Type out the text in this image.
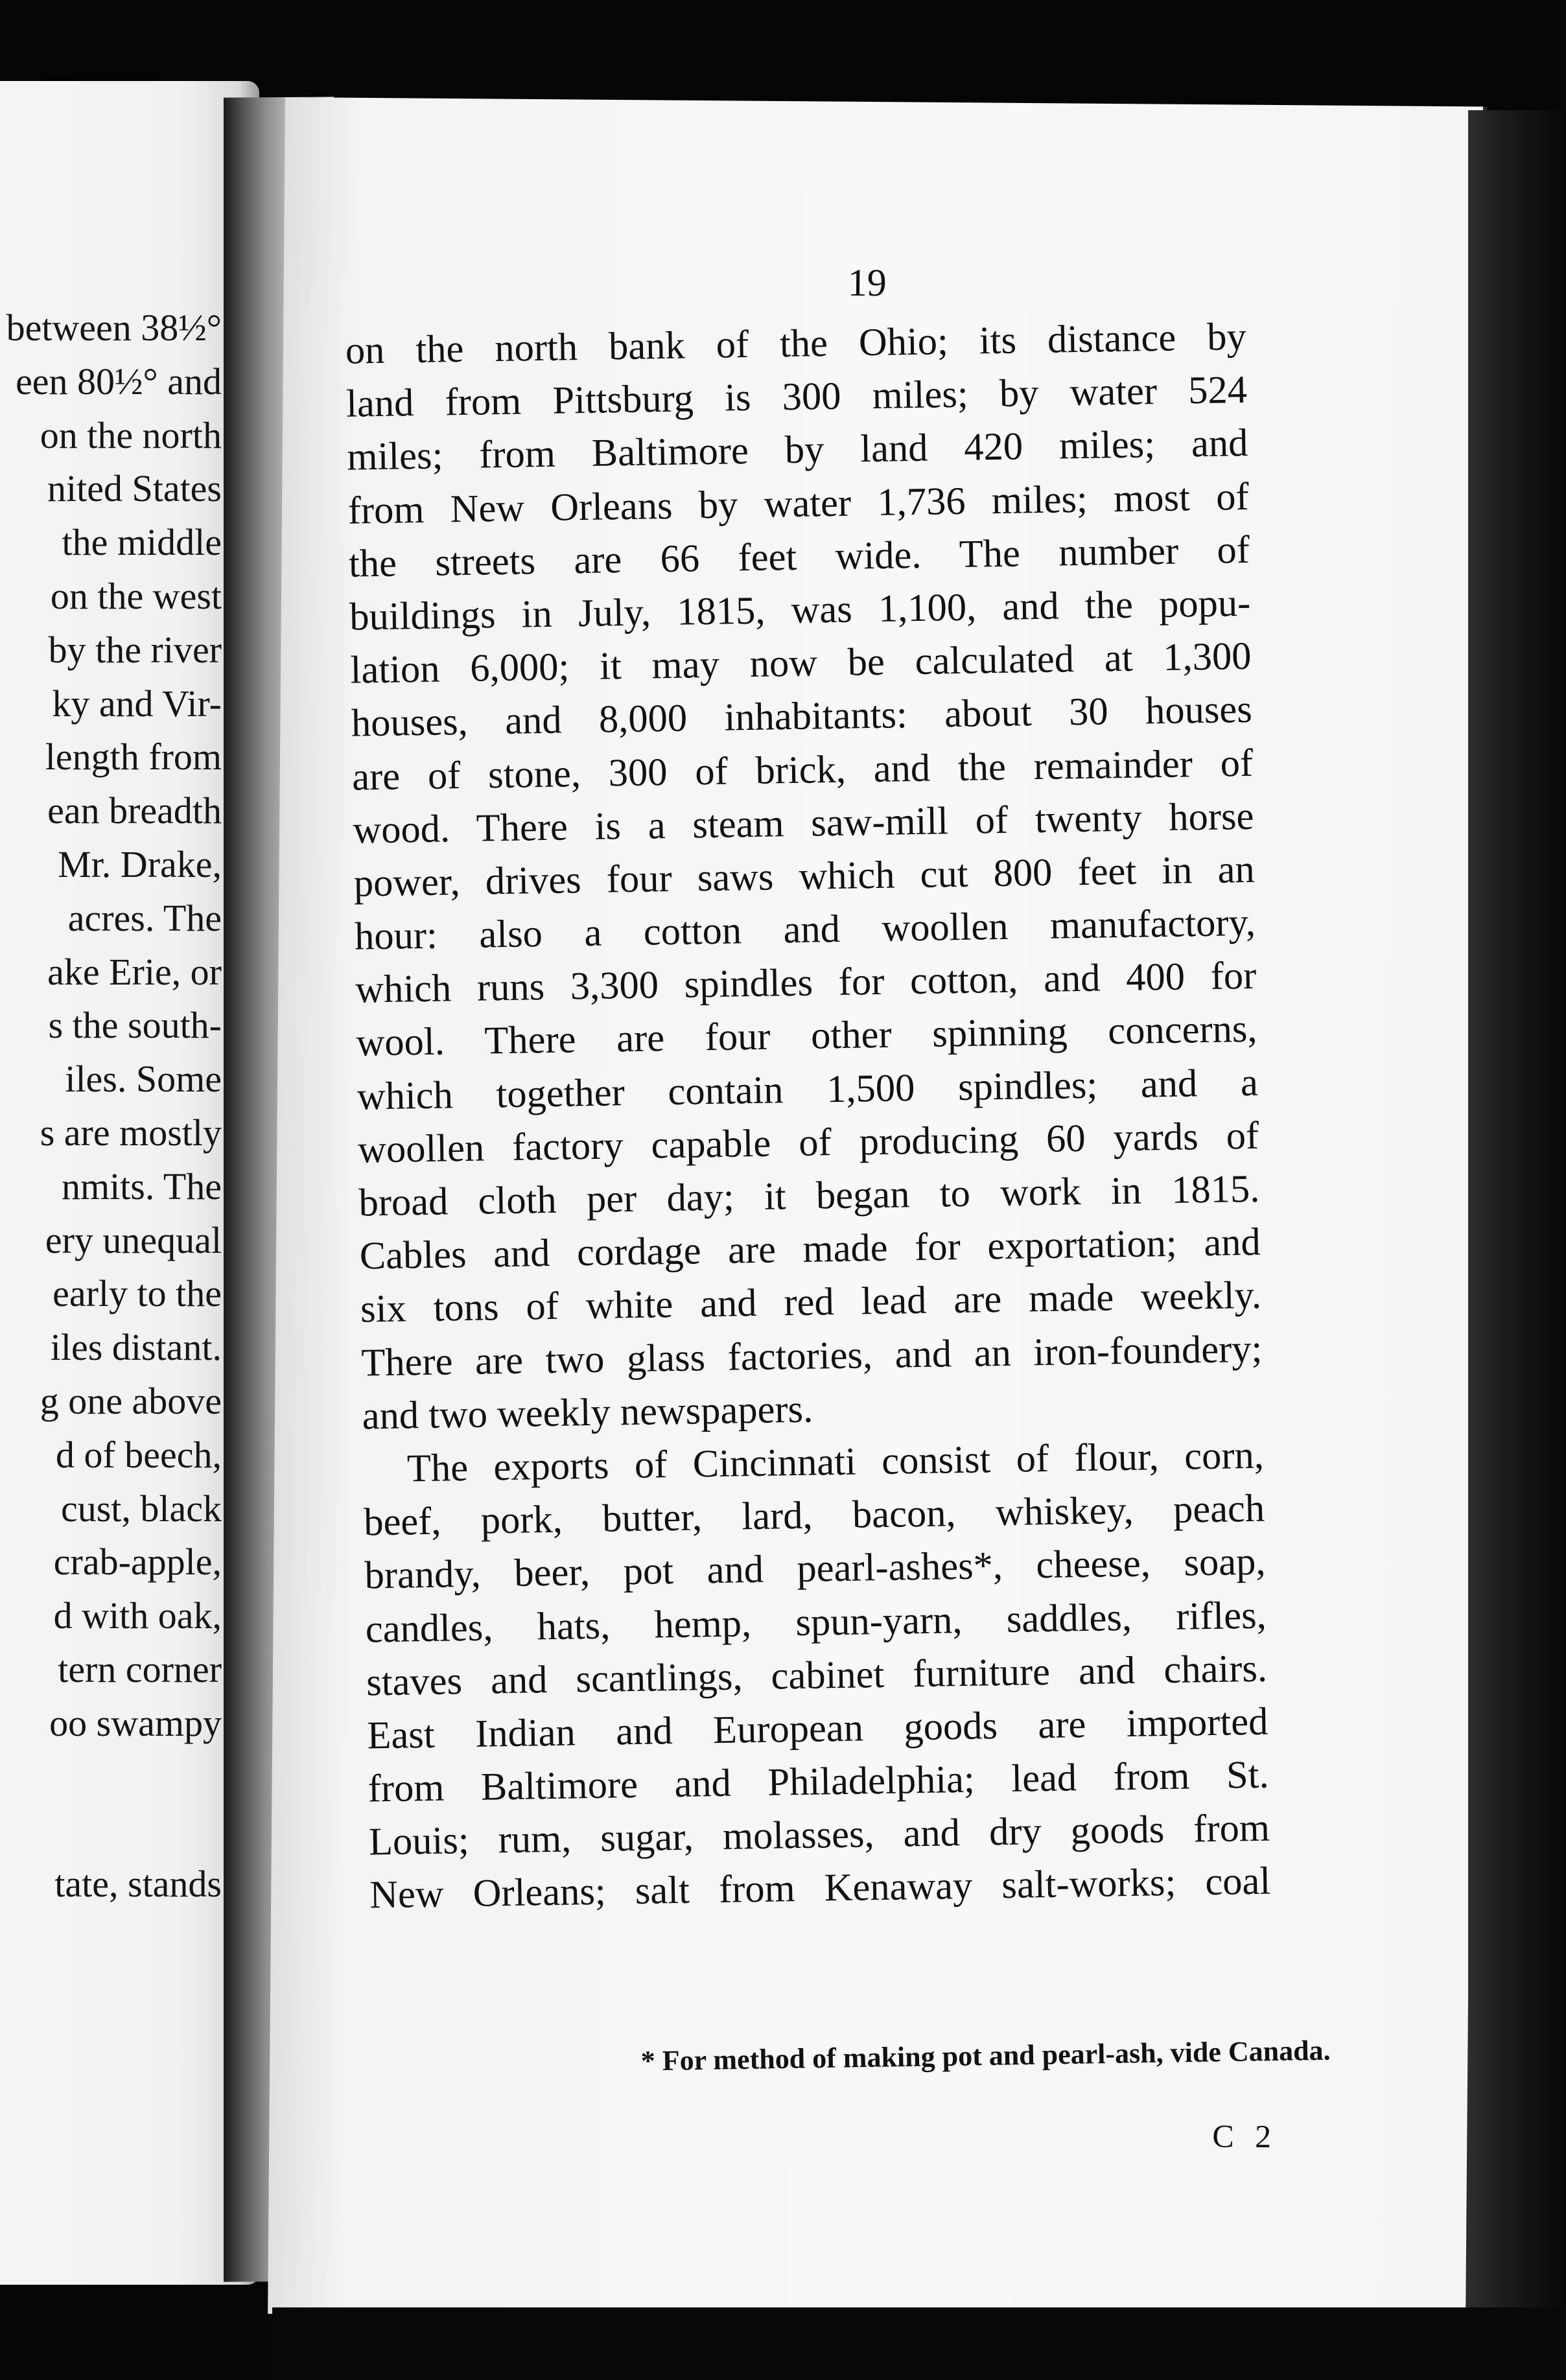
between 38½°
een 80½° and
on the north
nited States
the middle
on the west
by the river
ky and Vir-
length from
ean breadth
Mr. Drake,
acres. The
ake Erie, or
s the south-
iles. Some
s are mostly
nmits. The
ery unequal
early to the
iles distant.
g one above
d of beech,
cust, black
crab-apple,
d with oak,
tern corner
oo swampy
tate, stands
19
on the north bank of the Ohio; its distance by
land from Pittsburg is 300 miles; by water 524
miles; from Baltimore by land 420 miles; and
from New Orleans by water 1,736 miles; most of
the streets are 66 feet wide. The number of
buildings in July, 1815, was 1,100, and the popu-
lation 6,000; it may now be calculated at 1,300
houses, and 8,000 inhabitants: about 30 houses
are of stone, 300 of brick, and the remainder of
wood. There is a steam saw-mill of twenty horse
power, drives four saws which cut 800 feet in an
hour: also a cotton and woollen manufactory,
which runs 3,300 spindles for cotton, and 400 for
wool. There are four other spinning concerns,
which together contain 1,500 spindles; and a
woollen factory capable of producing 60 yards of
broad cloth per day; it began to work in 1815.
Cables and cordage are made for exportation; and
six tons of white and red lead are made weekly.
There are two glass factories, and an iron-foundery;
and two weekly newspapers.
The exports of Cincinnati consist of flour, corn,
beef, pork, butter, lard, bacon, whiskey, peach
brandy, beer, pot and pearl-ashes*, cheese, soap,
candles, hats, hemp, spun-yarn, saddles, rifles,
staves and scantlings, cabinet furniture and chairs.
East Indian and European goods are imported
from Baltimore and Philadelphia; lead from St.
Louis; rum, sugar, molasses, and dry goods from
New Orleans; salt from Kenaway salt-works; coal
* For method of making pot and pearl-ash, vide Canada.
C 2
